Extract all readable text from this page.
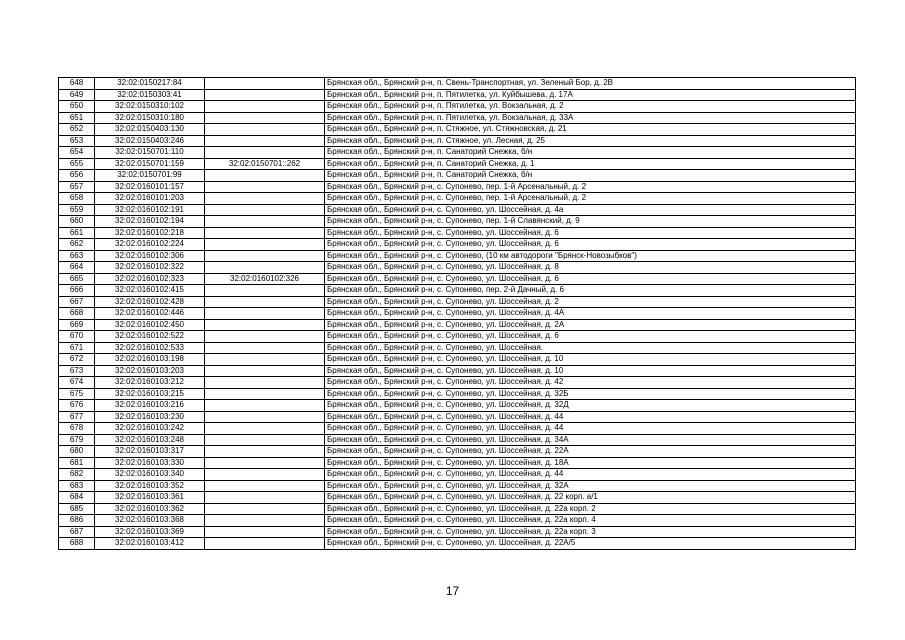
648	32:02:0150217:84		Брянская обл., Брянский р-н, п. Свень-Транспортная, ул. Зеленый Бор, д. 2В
649	32:02:0150303:41		Брянская обл., Брянский р-н, п. Пятилетка, ул. Куйбышева, д. 17А
650	32:02:0150310:102		Брянская обл., Брянский р-н, п. Пятилетка, ул. Вокзальная, д. 2
651	32:02:0150310:180		Брянская обл., Брянский р-н, п. Пятилетка, ул. Вокзальная, д. 33А
652	32:02:0150403:130		Брянская обл., Брянский р-н, п. Стяжное, ул. Стяжновская, д. 21
653	32:02:0150403:246		Брянская обл., Брянский р-н, п. Стяжное, ул. Лесная, д. 25
654	32:02:0150701:110		Брянская обл., Брянский р-н, п. Санаторий Снежка, б/н
655	32:02:0150701:159	32:02:0150701::262	Брянская обл., Брянский р-н, п. Санаторий Снежка, д. 1
656	32:02:0150701:99		Брянская обл., Брянский р-н, п. Санаторий Снежка, б/н
657	32:02:0160101:157		Брянская обл., Брянский р-н, с. Супонево, пер. 1-й Арсенальный, д. 2
658	32:02:0160101:203		Брянская обл., Брянский р-н, с. Супонево, пер. 1-й Арсенальный, д. 2
659	32:02:0160102:191		Брянская обл., Брянский р-н, с. Супонево, ул. Шоссейная, д. 4а
660	32:02:0160102:194		Брянская обл., Брянский р-н, с. Супонево, пер. 1-й Славянский, д. 9
661	32:02:0160102:218		Брянская обл., Брянский р-н, с. Супонево, ул. Шоссейная, д. 6
662	32:02:0160102:224		Брянская обл., Брянский р-н, с. Супонево, ул. Шоссейная, д. 6
663	32:02:0160102:306		Брянская обл., Брянский р-н, с. Супонево, (10 км автодороги "Брянск-Новозыбков")
664	32:02:0160102:322		Брянская обл., Брянский р-н, с. Супонево, ул. Шоссейная, д. 8
665	32:02:0160102:323	32:02:0160102:326	Брянская обл., Брянский р-н, с. Супонево, ул. Шоссейная, д. 6
666	32:02:0160102:415		Брянская обл., Брянский р-н, с. Супонево, пер. 2-й Дачный, д. 6
667	32:02:0160102:428		Брянская обл., Брянский р-н, с. Супонево, ул. Шоссейная, д. 2
668	32:02:0160102:446		Брянская обл., Брянский р-н, с. Супонево, ул. Шоссейная, д. 4А
669	32:02:0160102:450		Брянская обл., Брянский р-н, с. Супонево, ул. Шоссейная, д. 2А
670	32:02:0160102:522		Брянская обл., Брянский р-н, с. Супонево, ул. Шоссейная, д. 6
671	32:02:0160102:533		Брянская обл., Брянский р-н, с. Супонево, ул. Шоссейная.
672	32:02:0160103:198		Брянская обл., Брянский р-н, с. Супонево, ул. Шоссейная, д. 10
673	32:02:0160103:203		Брянская обл., Брянский р-н, с. Супонево, ул. Шоссейная, д. 10
674	32:02:0160103:212		Брянская обл., Брянский р-н, с. Супонево, ул. Шоссейная, д. 42
675	32:02:0160103:215		Брянская обл., Брянский р-н, с. Супонево, ул. Шоссейная, д. 32Б
676	32:02:0160103:216		Брянская обл., Брянский р-н, с. Супонево, ул. Шоссейная, д. 32Д
677	32:02:0160103:230		Брянская обл., Брянский р-н, с. Супонево, ул. Шоссейная, д. 44
678	32:02:0160103:242		Брянская обл., Брянский р-н, с. Супонево, ул. Шоссейная, д. 44
679	32:02:0160103:248		Брянская обл., Брянский р-н, с. Супонево, ул. Шоссейная, д. 34А
680	32:02:0160103:317		Брянская обл., Брянский р-н, с. Супонево, ул. Шоссейная, д. 22А
681	32:02:0160103:330		Брянская обл., Брянский р-н, с. Супонево, ул. Шоссейная, д. 18А
682	32:02:0160103:340		Брянская обл., Брянский р-н, с. Супонево, ул. Шоссейная, д. 44
683	32:02:0160103:352		Брянская обл., Брянский р-н, с. Супонево, ул. Шоссейная, д. 32А
684	32:02:0160103:361		Брянская обл., Брянский р-н, с. Супонево, ул. Шоссейная, д. 22 корп. а/1
685	32:02:0160103:362		Брянская обл., Брянский р-н, с. Супонево, ул. Шоссейная, д. 22а корп. 2
686	32:02:0160103:368		Брянская обл., Брянский р-н, с. Супонево, ул. Шоссейная, д. 22а корп. 4
687	32:02:0160103:369		Брянская обл., Брянский р-н, с. Супонево, ул. Шоссейная, д. 22а корп. 3
688	32:02:0160103:412		Брянская обл., Брянский р-н, с. Супонево, ул. Шоссейная, д. 22А/5
17
